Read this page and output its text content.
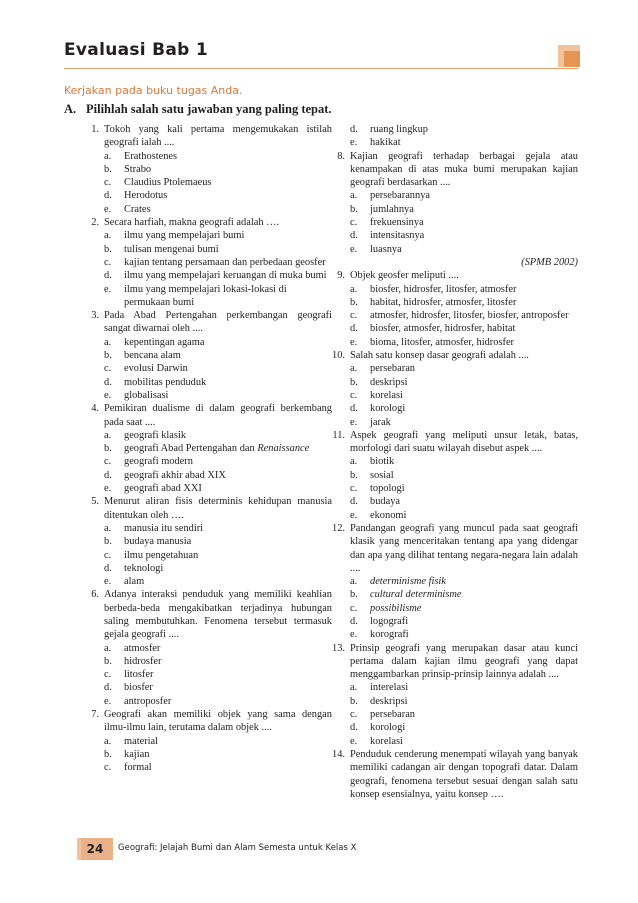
Evaluasi Bab 1
Kerjakan pada buku tugas Anda.
A. Pilihlah salah satu jawaban yang paling tepat.
1. Tokoh yang kali pertama mengemukakan istilah geografi ialah ....
a. Erathostenes
b. Strabo
c. Claudius Ptolemaeus
d. Herodotus
e. Crates
2. Secara harfiah, makna geografi adalah ….
a. ilmu yang mempelajari bumi
b. tulisan mengenai bumi
c. kajian tentang persamaan dan perbedaan geosfer
d. ilmu yang mempelajari keruangan di muka bumi
e. ilmu yang mempelajari lokasi-lokasi di permukaan bumi
3. Pada Abad Pertengahan perkembangan geografi sangat diwarnai oleh ....
a. kepentingan agama
b. bencana alam
c. evolusi Darwin
d. mobilitas penduduk
e. globalisasi
4. Pemikiran dualisme di dalam geografi berkembang pada saat ....
a. geografi klasik
b. geografi Abad Pertengahan dan Renaissance
c. geografi modern
d. geografi akhir abad XIX
e. geografi abad XXI
5. Menurut aliran fisis determinis kehidupan manusia ditentukan oleh ….
a. manusia itu sendiri
b. budaya manusia
c. ilmu pengetahuan
d. teknologi
e. alam
6. Adanya interaksi penduduk yang memiliki keahlian berbeda-beda mengakibatkan terjadinya hubungan saling membutuhkan. Fenomena tersebut termasuk gejala geografi ....
a. atmosfer
b. hidrosfer
c. litosfer
d. biosfer
e. antroposfer
7. Geografi akan memiliki objek yang sama dengan ilmu-ilmu lain, terutama dalam objek ....
a. material
b. kajian
c. formal
d. ruang lingkup
e. hakikat
8. Kajian geografi terhadap berbagai gejala atau kenampakan di atas muka bumi merupakan kajian geografi berdasarkan ....
a. persebarannya
b. jumlahnya
c. frekuensinya
d. intensitasnya
e. luasnya
(SPMB 2002)
9. Objek geosfer meliputi ....
a. biosfer, hidrosfer, litosfer, atmosfer
b. habitat, hidrosfer, atmosfer, litosfer
c. atmosfer, hidrosfer, litosfer, biosfer, antroposfer
d. biosfer, atmosfer, hidrosfer, habitat
e. bioma, litosfer, atmosfer, hidrosfer
10. Salah satu konsep dasar geografi adalah ....
a. persebaran
b. deskripsi
c. korelasi
d. korologi
e. jarak
11. Aspek geografi yang meliputi unsur letak, batas, morfologi dari suatu wilayah disebut aspek ....
a. biotik
b. sosial
c. topologi
d. budaya
e. ekonomi
12. Pandangan geografi yang muncul pada saat geografi klasik yang menceritakan tentang apa yang didengar dan apa yang dilihat tentang negara-negara lain adalah ....
a. determinisme fisik
b. cultural determinisme
c. possibilisme
d. logografi
e. korografi
13. Prinsip geografi yang merupakan dasar atau kunci pertama dalam kajian ilmu geografi yang dapat menggambarkan prinsip-prinsip lainnya adalah ....
a. interelasi
b. deskripsi
c. persebaran
d. korologi
e. korelasi
14. Penduduk cenderung menempati wilayah yang banyak memiliki cadangan air dengan topografi datar. Dalam geografi, fenomena tersebut sesuai dengan salah satu konsep esensialnya, yaitu konsep ….
24	Geografi: Jelajah Bumi dan Alam Semesta untuk Kelas X
